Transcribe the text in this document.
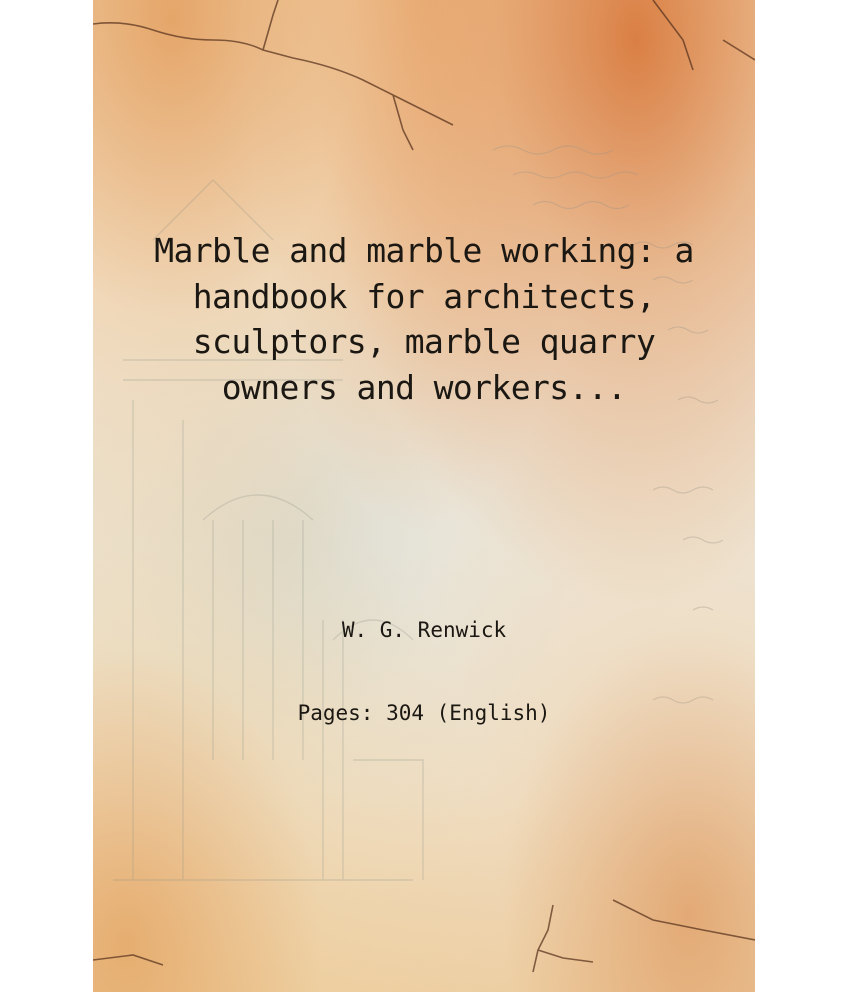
Marble and marble working: a handbook for architects, sculptors, marble quarry owners and workers...
W. G. Renwick
Pages: 304 (English)
